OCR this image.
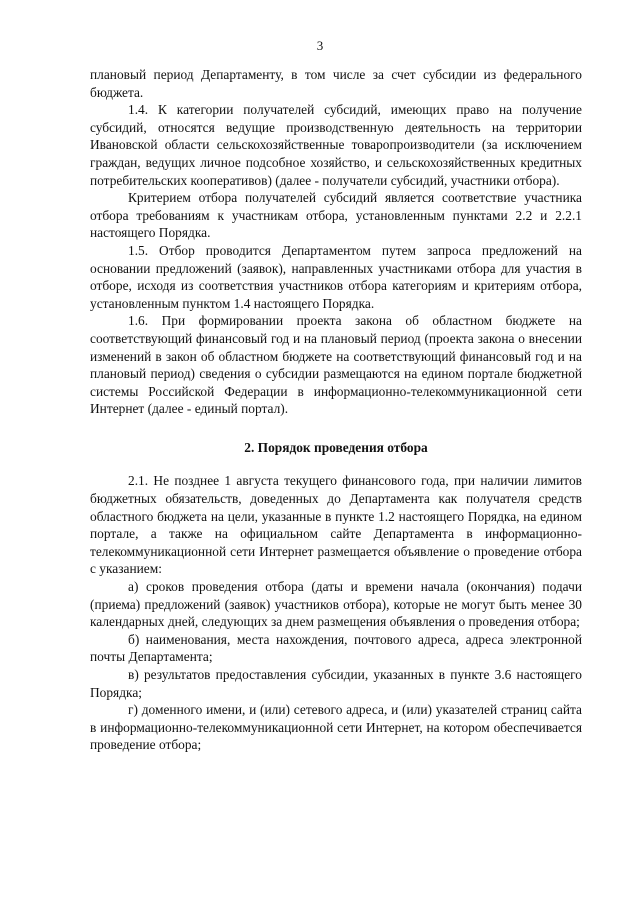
3

плановый период Департаменту, в том числе за счет субсидии из федерального бюджета.

1.4. К категории получателей субсидий, имеющих право на получение субсидий, относятся ведущие производственную деятельность на территории Ивановской области сельскохозяйственные товаропроизводители (за исключением граждан, ведущих личное подсобное хозяйство, и сельскохозяйственных кредитных потребительских кооперативов) (далее - получатели субсидий, участники отбора).

Критерием отбора получателей субсидий является соответствие участника отбора требованиям к участникам отбора, установленным пунктами 2.2 и 2.2.1 настоящего Порядка.

1.5. Отбор проводится Департаментом путем запроса предложений на основании предложений (заявок), направленных участниками отбора для участия в отборе, исходя из соответствия участников отбора категориям и критериям отбора, установленным пунктом 1.4 настоящего Порядка.

1.6. При формировании проекта закона об областном бюджете на соответствующий финансовый год и на плановый период (проекта закона о внесении изменений в закон об областном бюджете на соответствующий финансовый год и на плановый период) сведения о субсидии размещаются на едином портале бюджетной системы Российской Федерации в информационно-телекоммуникационной сети Интернет (далее - единый портал).

2. Порядок проведения отбора

2.1. Не позднее 1 августа текущего финансового года, при наличии лимитов бюджетных обязательств, доведенных до Департамента как получателя средств областного бюджета на цели, указанные в пункте 1.2 настоящего Порядка, на едином портале, а также на официальном сайте Департамента в информационно-телекоммуникационной сети Интернет размещается объявление о проведение отбора с указанием:

а) сроков проведения отбора (даты и времени начала (окончания) подачи (приема) предложений (заявок) участников отбора), которые не могут быть менее 30 календарных дней, следующих за днем размещения объявления о проведения отбора;

б) наименования, места нахождения, почтового адреса, адреса электронной почты Департамента;

в) результатов предоставления субсидии, указанных в пункте 3.6 настоящего Порядка;

г) доменного имени, и (или) сетевого адреса, и (или) указателей страниц сайта в информационно-телекоммуникационной сети Интернет, на котором обеспечивается проведение отбора;
